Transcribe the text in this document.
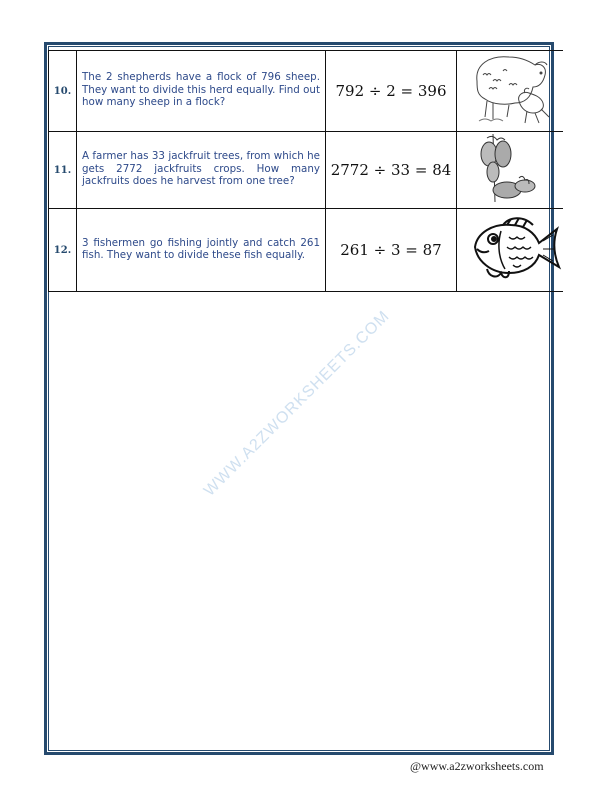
10.	The 2 shepherds have a flock of 796 sheep. They want to divide this herd equally. Find out how many sheep in a flock?	792 ÷ 2 = 396	

11.	A farmer has 33 jackfruit trees, from which he gets 2772 jackfruits crops. How many jackfruits does he harvest from one tree?	2772 ÷ 33 = 84	

12.	3 fishermen go fishing jointly and catch 261 fish. They want to divide these fish equally.	261 ÷ 3 = 87	
WWW.A2ZWORKSHEETS.COM
@www.a2zworksheets.com
